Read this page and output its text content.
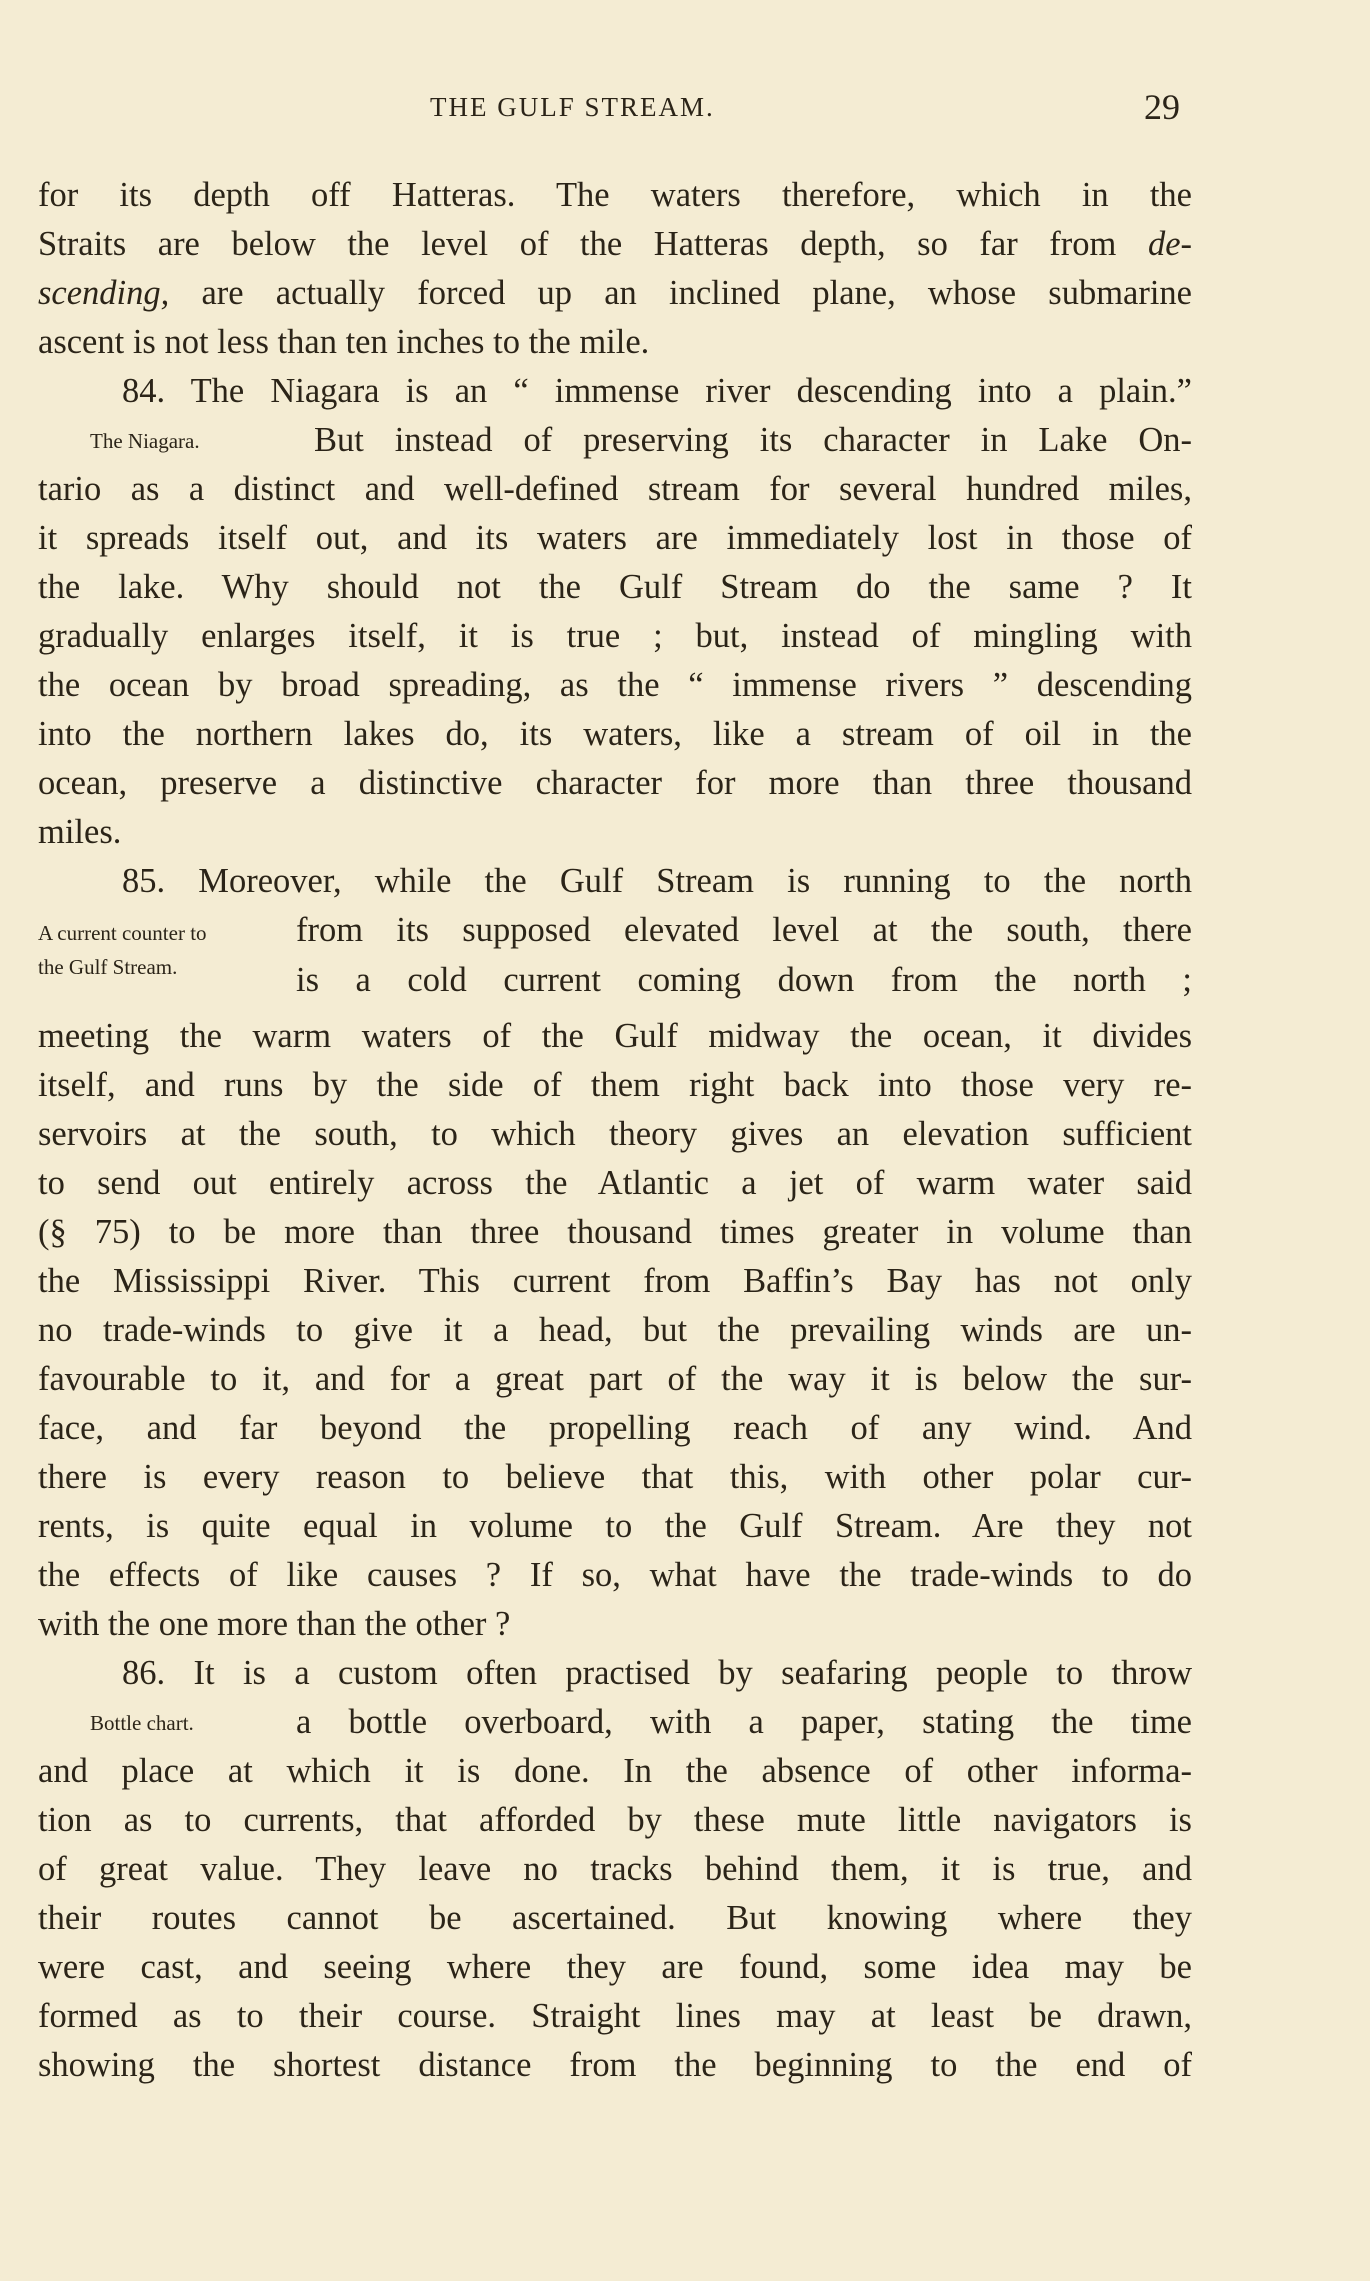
THE GULF STREAM.	29
for its depth off Hatteras. The waters therefore, which in the
Straits are below the level of the Hatteras depth, so far from de-
scending, are actually forced up an inclined plane, whose submarine
ascent is not less than ten inches to the mile.
84. The Niagara is an “ immense river descending into a plain.”
The Niagara.	But instead of preserving its character in Lake On-
tario as a distinct and well-defined stream for several hundred miles,
it spreads itself out, and its waters are immediately lost in those of
the lake. Why should not the Gulf Stream do the same ? It
gradually enlarges itself, it is true ; but, instead of mingling with
the ocean by broad spreading, as the “ immense rivers ” descending
into the northern lakes do, its waters, like a stream of oil in the
ocean, preserve a distinctive character for more than three thousand
miles.
85. Moreover, while the Gulf Stream is running to the north
A current counter to
the Gulf Stream.
from its supposed elevated level at the south, there
is a cold current coming down from the north ;
meeting the warm waters of the Gulf midway the ocean, it divides
itself, and runs by the side of them right back into those very re-
servoirs at the south, to which theory gives an elevation sufficient
to send out entirely across the Atlantic a jet of warm water said
(§ 75) to be more than three thousand times greater in volume than
the Mississippi River. This current from Baffin’s Bay has not only
no trade-winds to give it a head, but the prevailing winds are un-
favourable to it, and for a great part of the way it is below the sur-
face, and far beyond the propelling reach of any wind. And
there is every reason to believe that this, with other polar cur-
rents, is quite equal in volume to the Gulf Stream. Are they not
the effects of like causes ? If so, what have the trade-winds to do
with the one more than the other ?
86. It is a custom often practised by seafaring people to throw
Bottle chart.	a bottle overboard, with a paper, stating the time
and place at which it is done. In the absence of other informa-
tion as to currents, that afforded by these mute little navigators is
of great value. They leave no tracks behind them, it is true, and
their routes cannot be ascertained. But knowing where they
were cast, and seeing where they are found, some idea may be
formed as to their course. Straight lines may at least be drawn,
showing the shortest distance from the beginning to the end of
